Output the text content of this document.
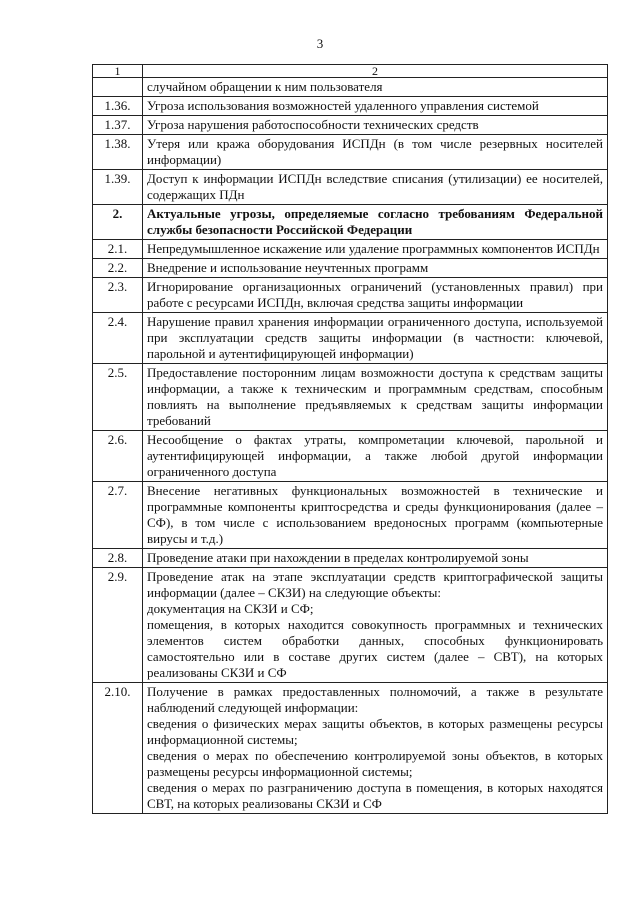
3
1	2

	случайном обращении к ним пользователя

1.36.	Угроза использования возможностей удаленного управления системой

1.37.	Угроза нарушения работоспособности технических средств

1.38.	Утеря или кража оборудования ИСПДн (в том числе резервных носителей информации)

1.39.	Доступ к информации ИСПДн вследствие списания (утилизации) ее носителей, содержащих ПДн

2.	Актуальные угрозы, определяемые согласно требованиям Федеральной службы безопасности Российской Федерации

2.1.	Непредумышленное искажение или удаление программных компонентов ИСПДн

2.2.	Внедрение и использование неучтенных программ

2.3.	Игнорирование организационных ограничений (установленных правил) при работе с ресурсами ИСПДн, включая средства защиты информации

2.4.	Нарушение правил хранения информации ограниченного доступа, используемой при эксплуатации средств защиты информации (в частности: ключевой, парольной и аутентифицирующей информации)

2.5.	Предоставление посторонним лицам возможности доступа к средствам защиты информации, а также к техническим и программным средствам, способным повлиять на выполнение предъявляемых к средствам защиты информации требований

2.6.	Несообщение о фактах утраты, компрометации ключевой, парольной и аутентифицирующей информации, а также любой другой информации ограниченного доступа

2.7.	Внесение негативных функциональных возможностей в технические и программные компоненты криптосредства и среды функционирования (далее – СФ), в том числе с использованием вредоносных программ (компьютерные вирусы и т.д.)

2.8.	Проведение атаки при нахождении в пределах контролируемой зоны

2.9.	Проведение атак на этапе эксплуатации средств криптографической защиты информации (далее – СКЗИ) на следующие объекты:
документация на СКЗИ и СФ;
помещения, в которых находится совокупность программных и технических элементов систем обработки данных, способных функционировать самостоятельно или в составе других систем (далее – СВТ), на которых реализованы СКЗИ и СФ

2.10.	Получение в рамках предоставленных полномочий, а также в результате наблюдений следующей информации:
сведения о физических мерах защиты объектов, в которых размещены ресурсы информационной системы;
сведения о мерах по обеспечению контролируемой зоны объектов, в которых размещены ресурсы информационной системы;
сведения о мерах по разграничению доступа в помещения, в которых находятся СВТ, на которых реализованы СКЗИ и СФ
